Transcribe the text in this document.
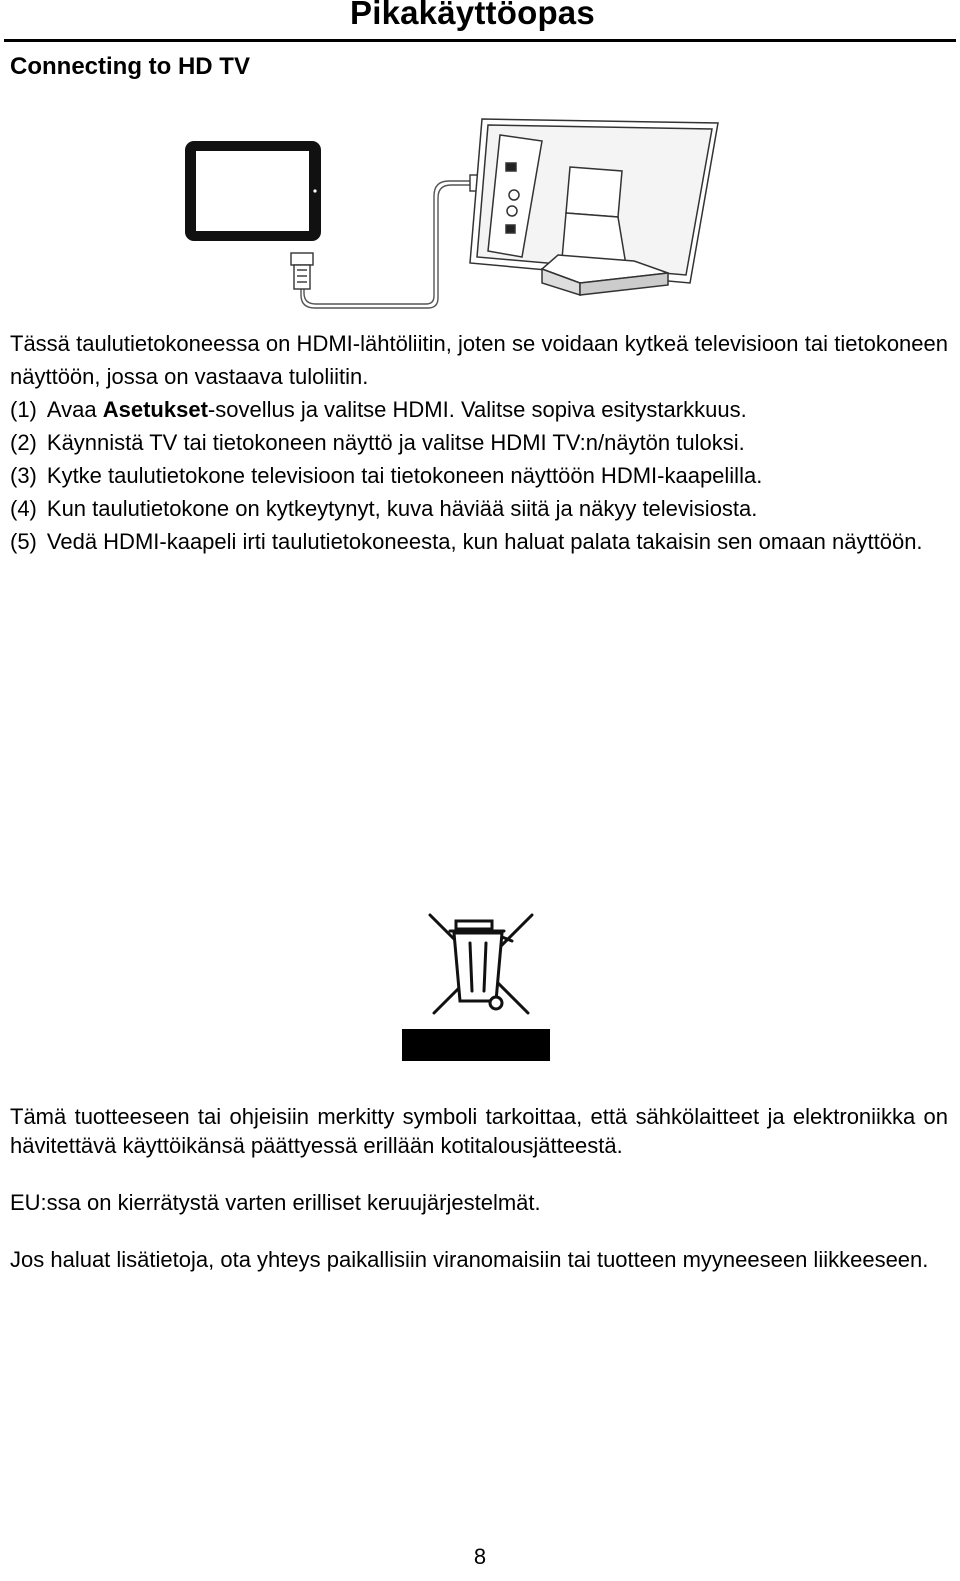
Pikakäyttöopas
Connecting to HD TV

Tässä taulutietokoneessa on HDMI-lähtöliitin, joten se voidaan kytkeä televisioon tai tietokoneen näyttöön, jossa on vastaava tuloliitin.

(1) Avaa Asetukset-sovellus ja valitse HDMI. Valitse sopiva esitystarkkuus.
(2) Käynnistä TV tai tietokoneen näyttö ja valitse HDMI TV:n/näytön tuloksi.
(3) Kytke taulutietokone televisioon tai tietokoneen näyttöön HDMI-kaapelilla.
(4) Kun taulutietokone on kytkeytynyt, kuva häviää siitä ja näkyy televisiosta.
(5) Vedä HDMI-kaapeli irti taulutietokoneesta, kun haluat palata takaisin sen omaan näyttöön.

Tämä tuotteeseen tai ohjeisiin merkitty symboli tarkoittaa, että sähkölaitteet ja elektroniikka on hävitettävä käyttöikänsä päättyessä erillään kotitalousjätteestä.

EU:ssa on kierrätystä varten erilliset keruujärjestelmät.

Jos haluat lisätietoja, ota yhteys paikallisiin viranomaisiin tai tuotteen myyneeseen liikkeeseen.

8
